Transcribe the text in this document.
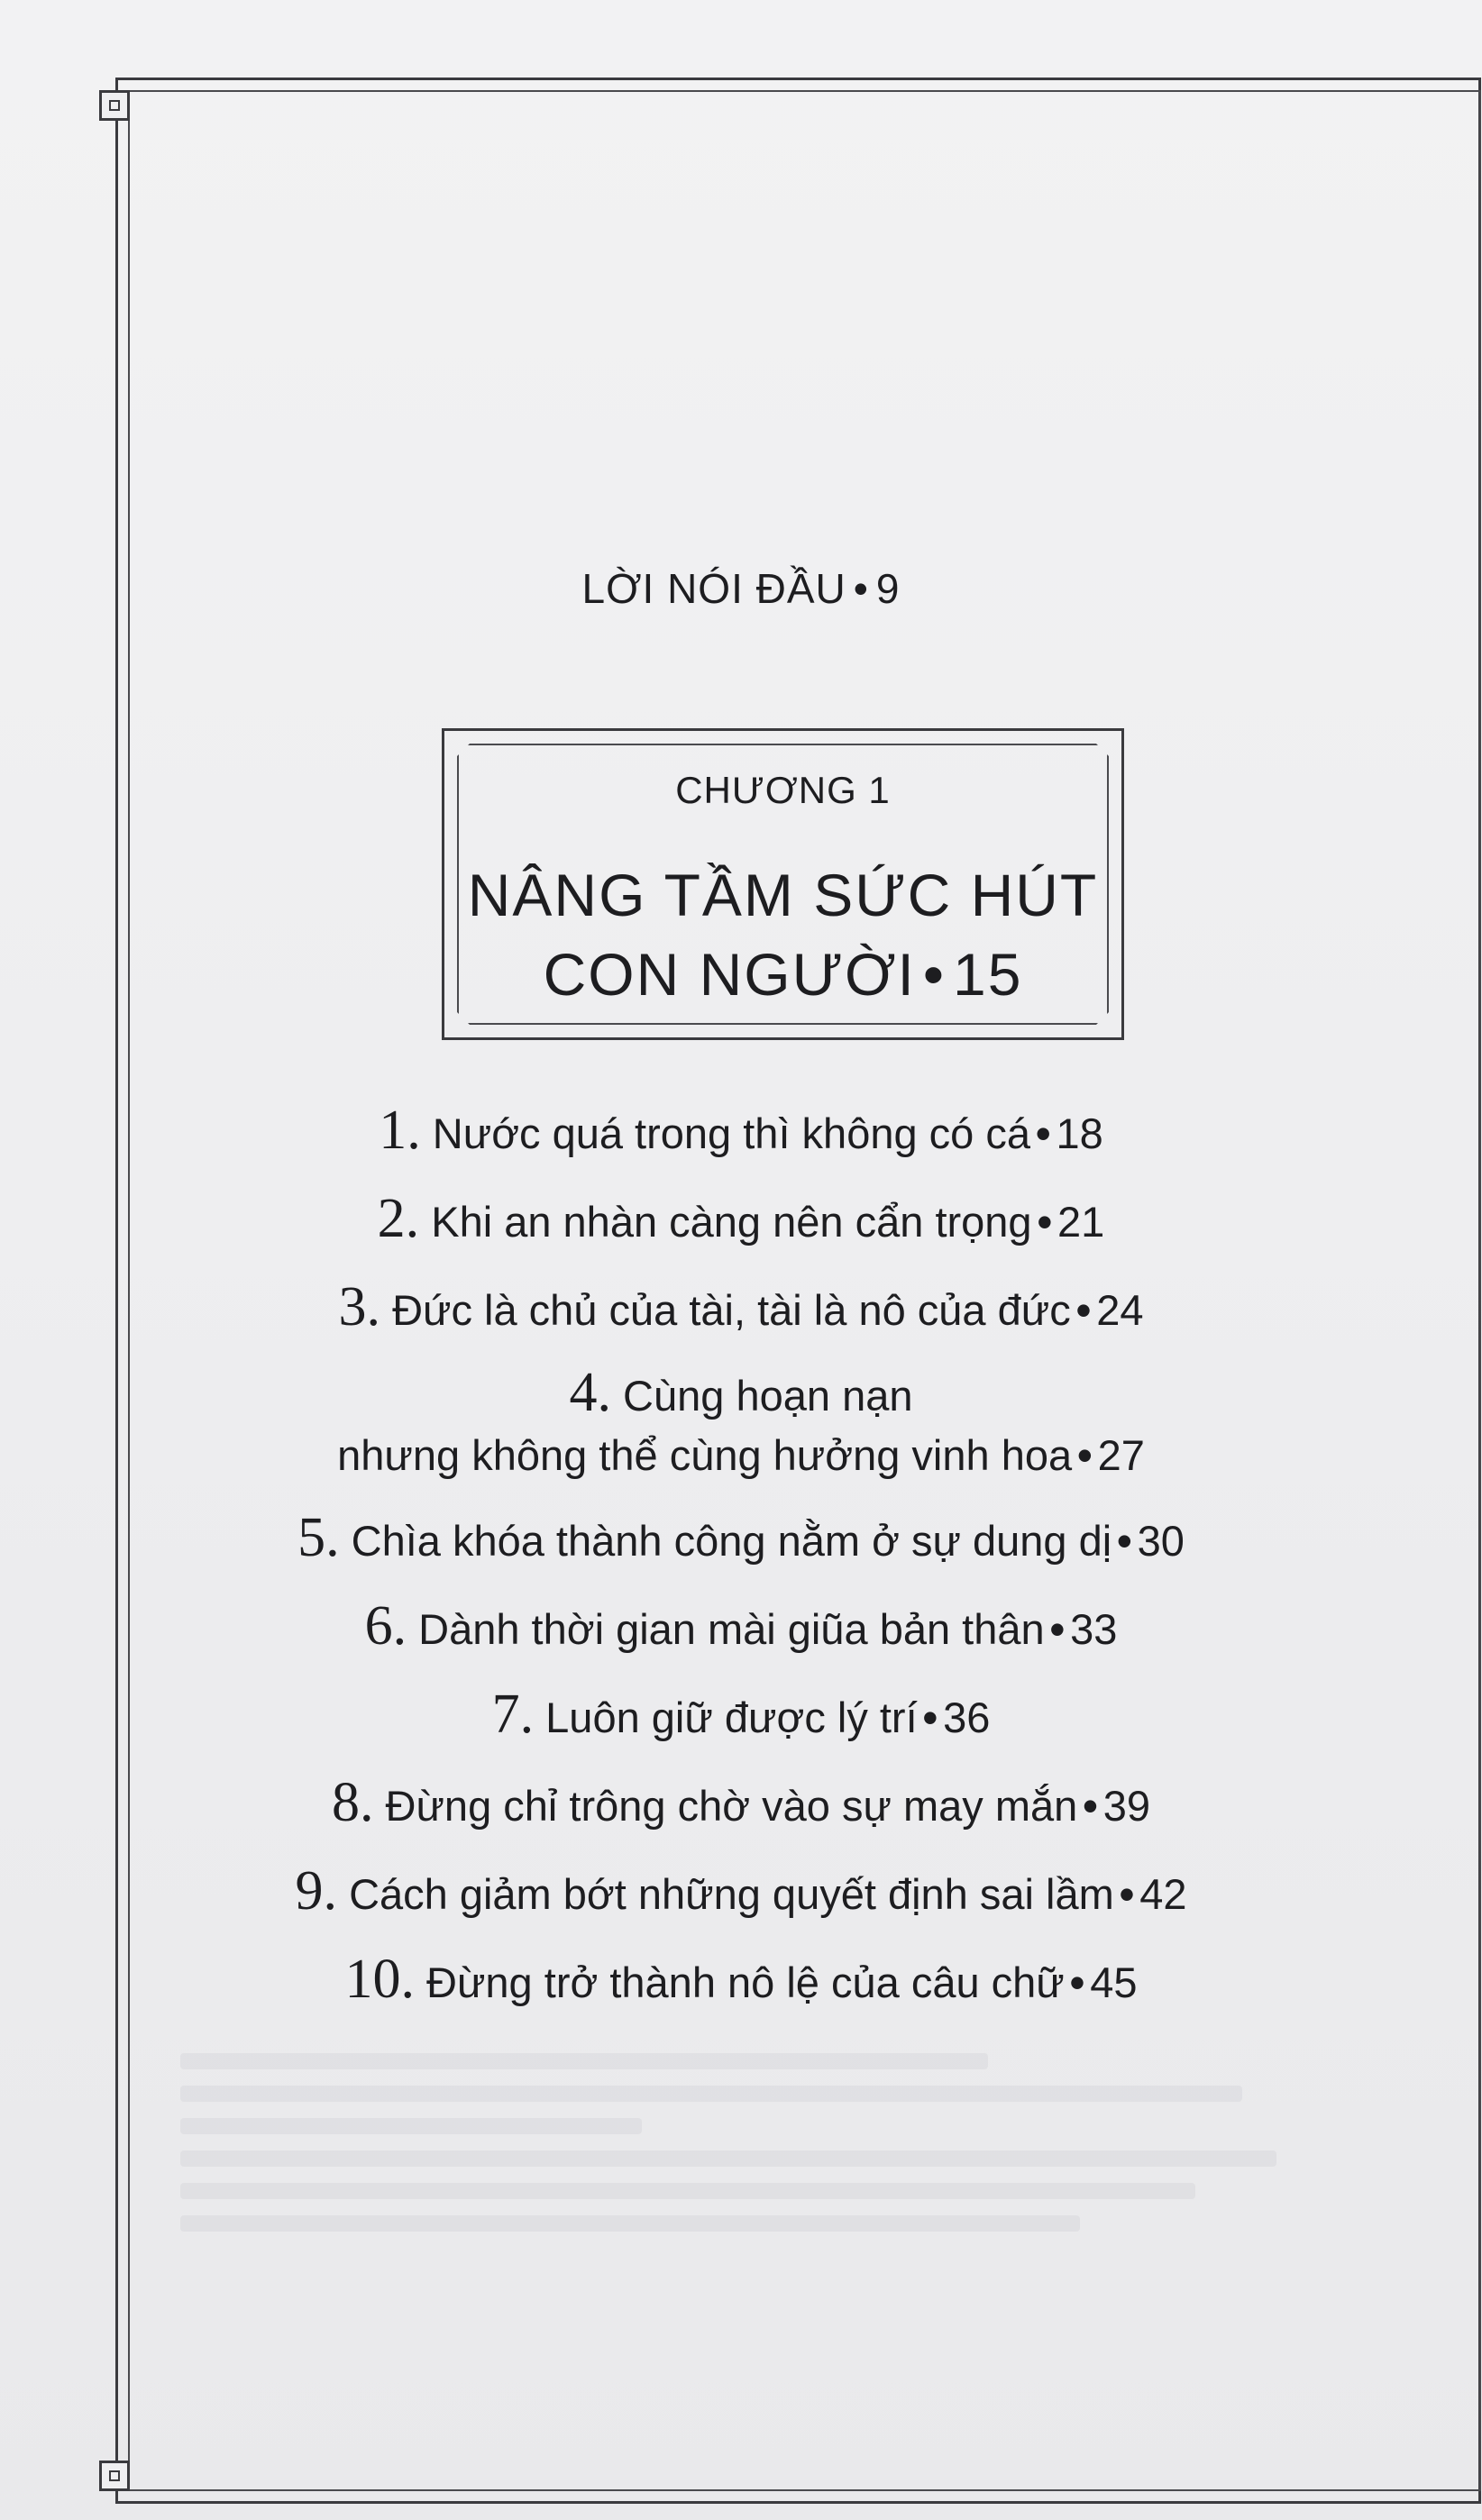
LỜI NÓI ĐẦU • 9
CHƯƠNG 1
NÂNG TẦM SỨC HÚT
CON NGƯỜI • 15
1. Nước quá trong thì không có cá • 18
2. Khi an nhàn càng nên cẩn trọng • 21
3. Đức là chủ của tài, tài là nô của đức • 24
4. Cùng hoạn nạn
nhưng không thể cùng hưởng vinh hoa • 27
5. Chìa khóa thành công nằm ở sự dung dị • 30
6. Dành thời gian mài giũa bản thân • 33
7. Luôn giữ được lý trí • 36
8. Đừng chỉ trông chờ vào sự may mắn • 39
9. Cách giảm bớt những quyết định sai lầm • 42
10. Đừng trở thành nô lệ của câu chữ • 45
